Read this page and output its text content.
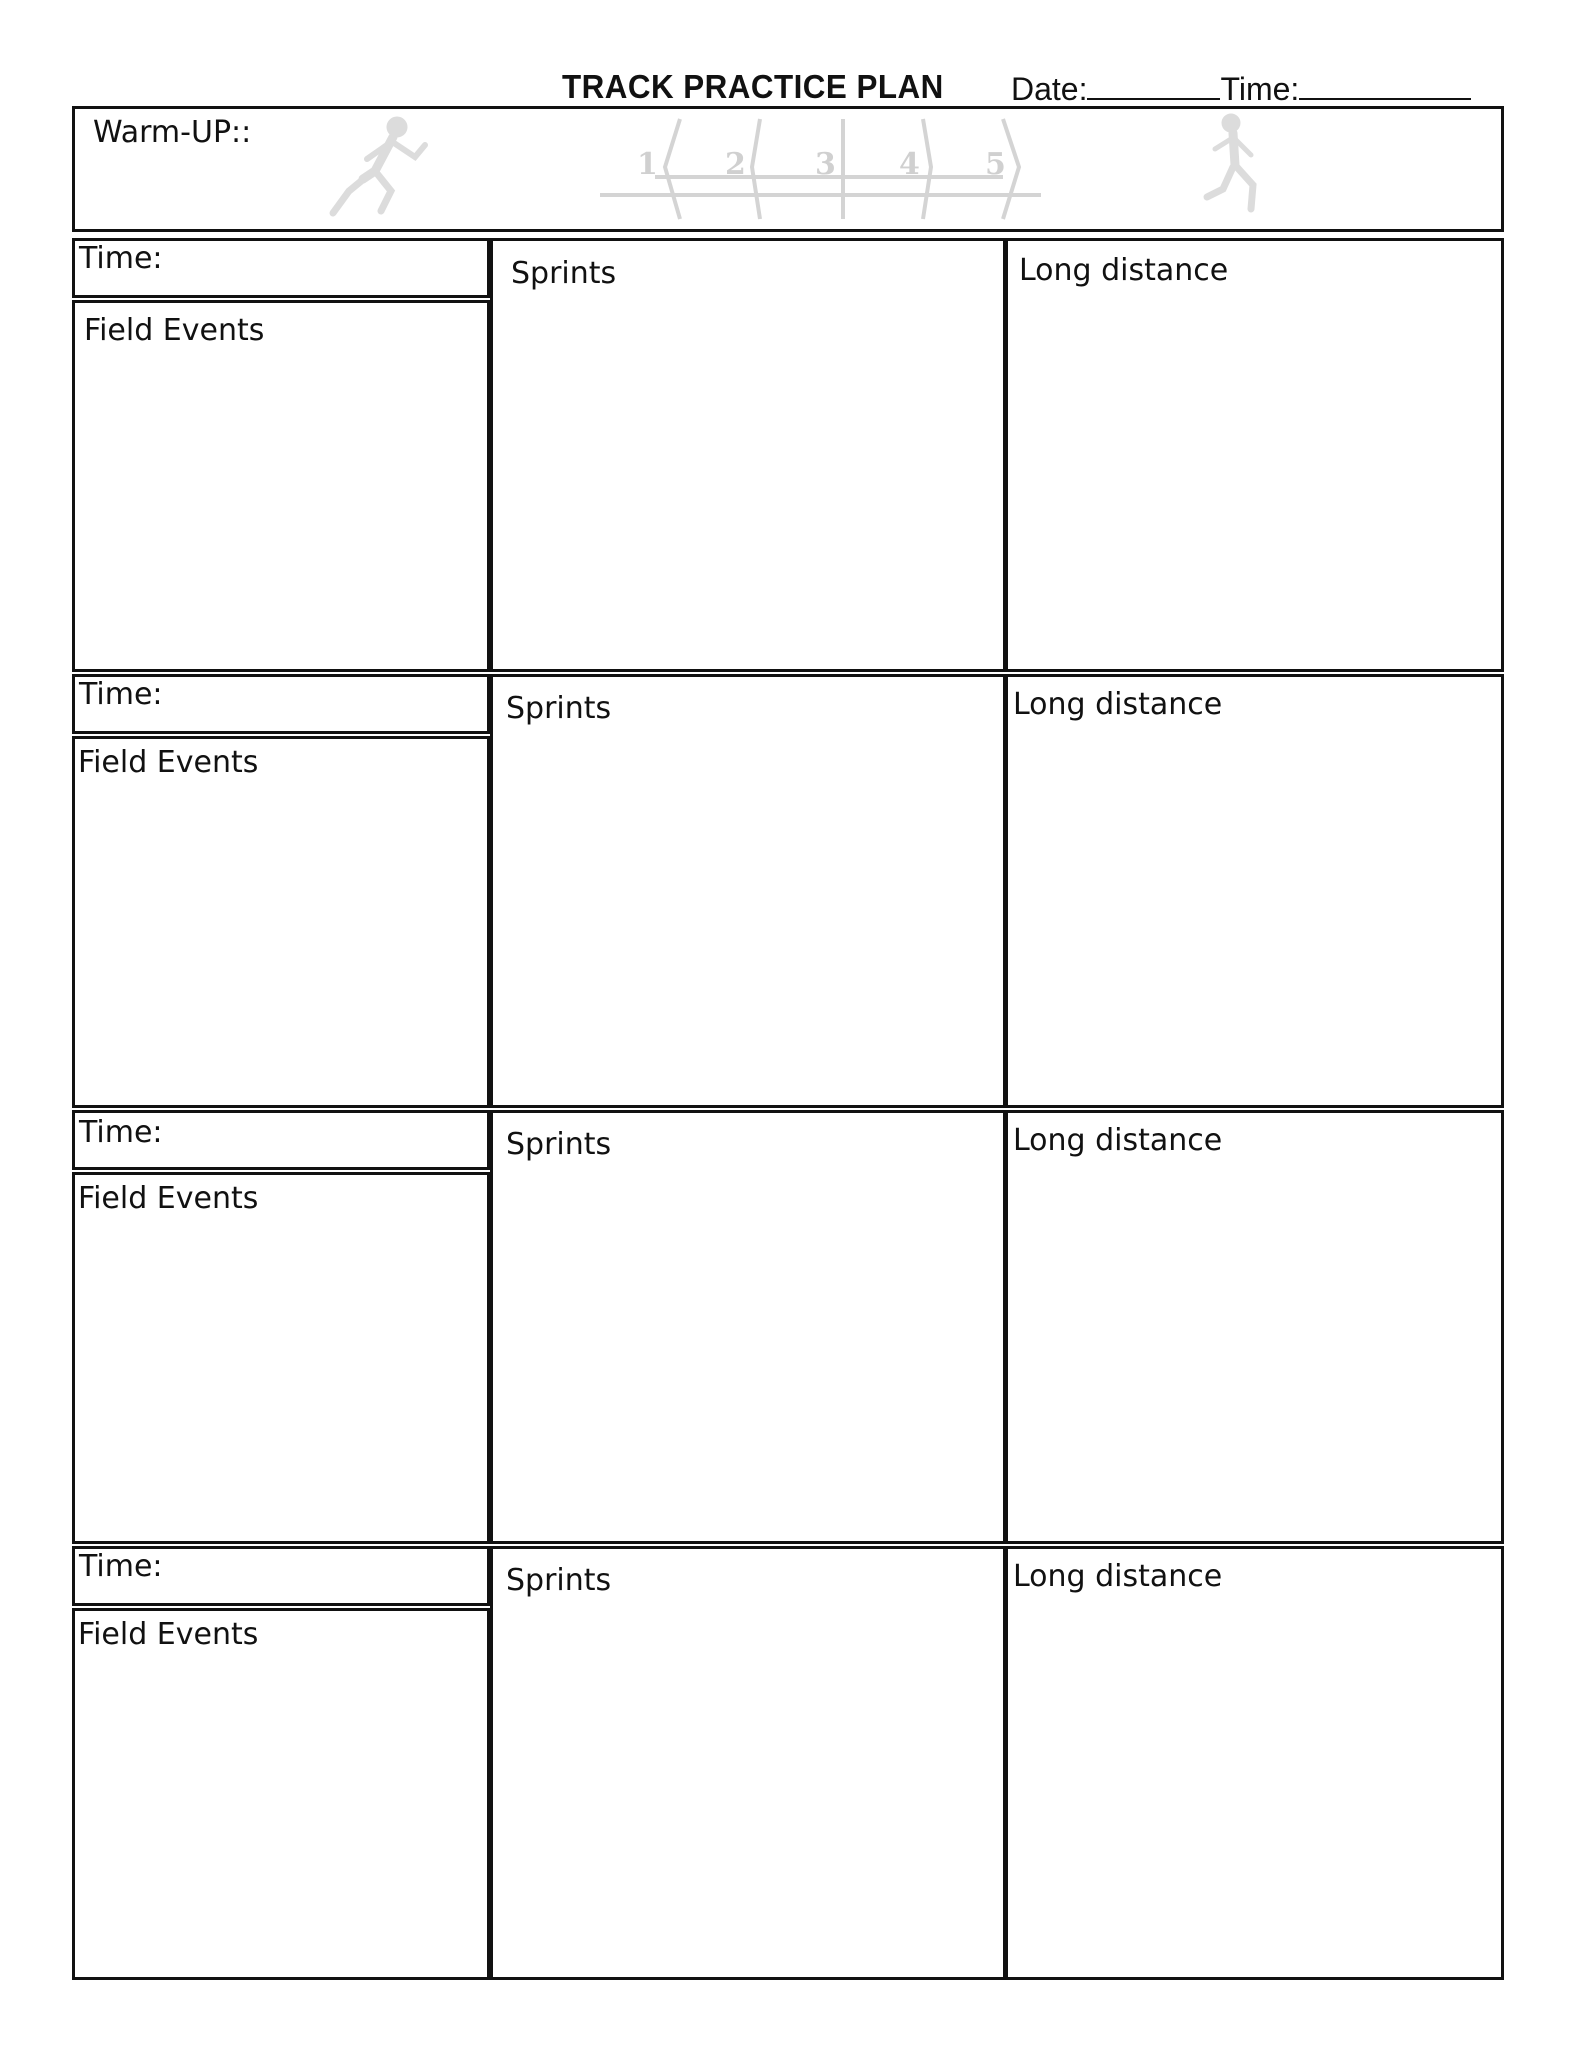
TRACK PRACTICE PLAN Date:	Time:
Warm-UP::
1 2 3 4 5
Time:
Field Events
Sprints	Long distance
Time:
Field Events
Sprints	Long distance
Time:
Field Events
Sprints	Long distance
Time:
Field Events
Sprints	Long distance
